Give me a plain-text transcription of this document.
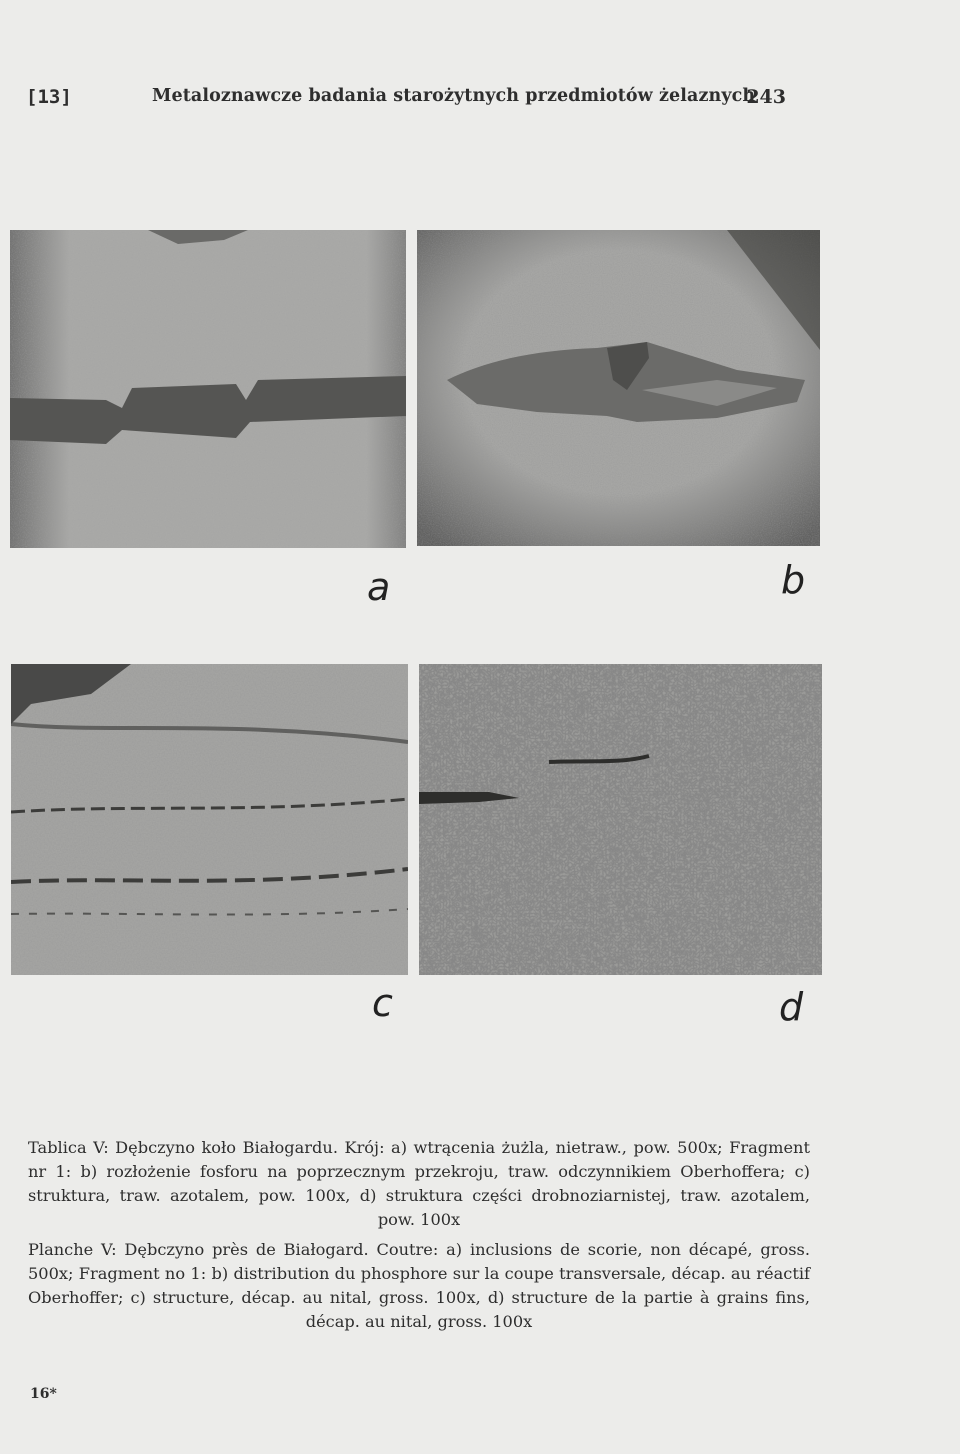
[13]	Metaloznawcze badania starożytnych przedmiotów żelaznych
243
a	b
c	d

Tablica V: Dębczyno koło Białogardu. Krój: a) wtrącenia żużla, nietraw., pow. 500x; Fragment nr 1: b) rozłożenie fosforu na poprzecznym przekroju, traw. odczynnikiem Oberhoffera; c) struktura, traw. azotalem, pow. 100x, d) struktura części drobnoziarnistej, traw. azotalem, pow. 100x

Planche V: Dębczyno près de Białogard. Coutre: a) inclusions de scorie, non décapé, gross. 500x; Fragment no 1: b) distribution du phosphore sur la coupe transversale, décap. au réactif Oberhoffer; c) structure, décap. au nital, gross. 100x, d) structure de la partie à grains fins, décap. au nital, gross. 100x

16*
